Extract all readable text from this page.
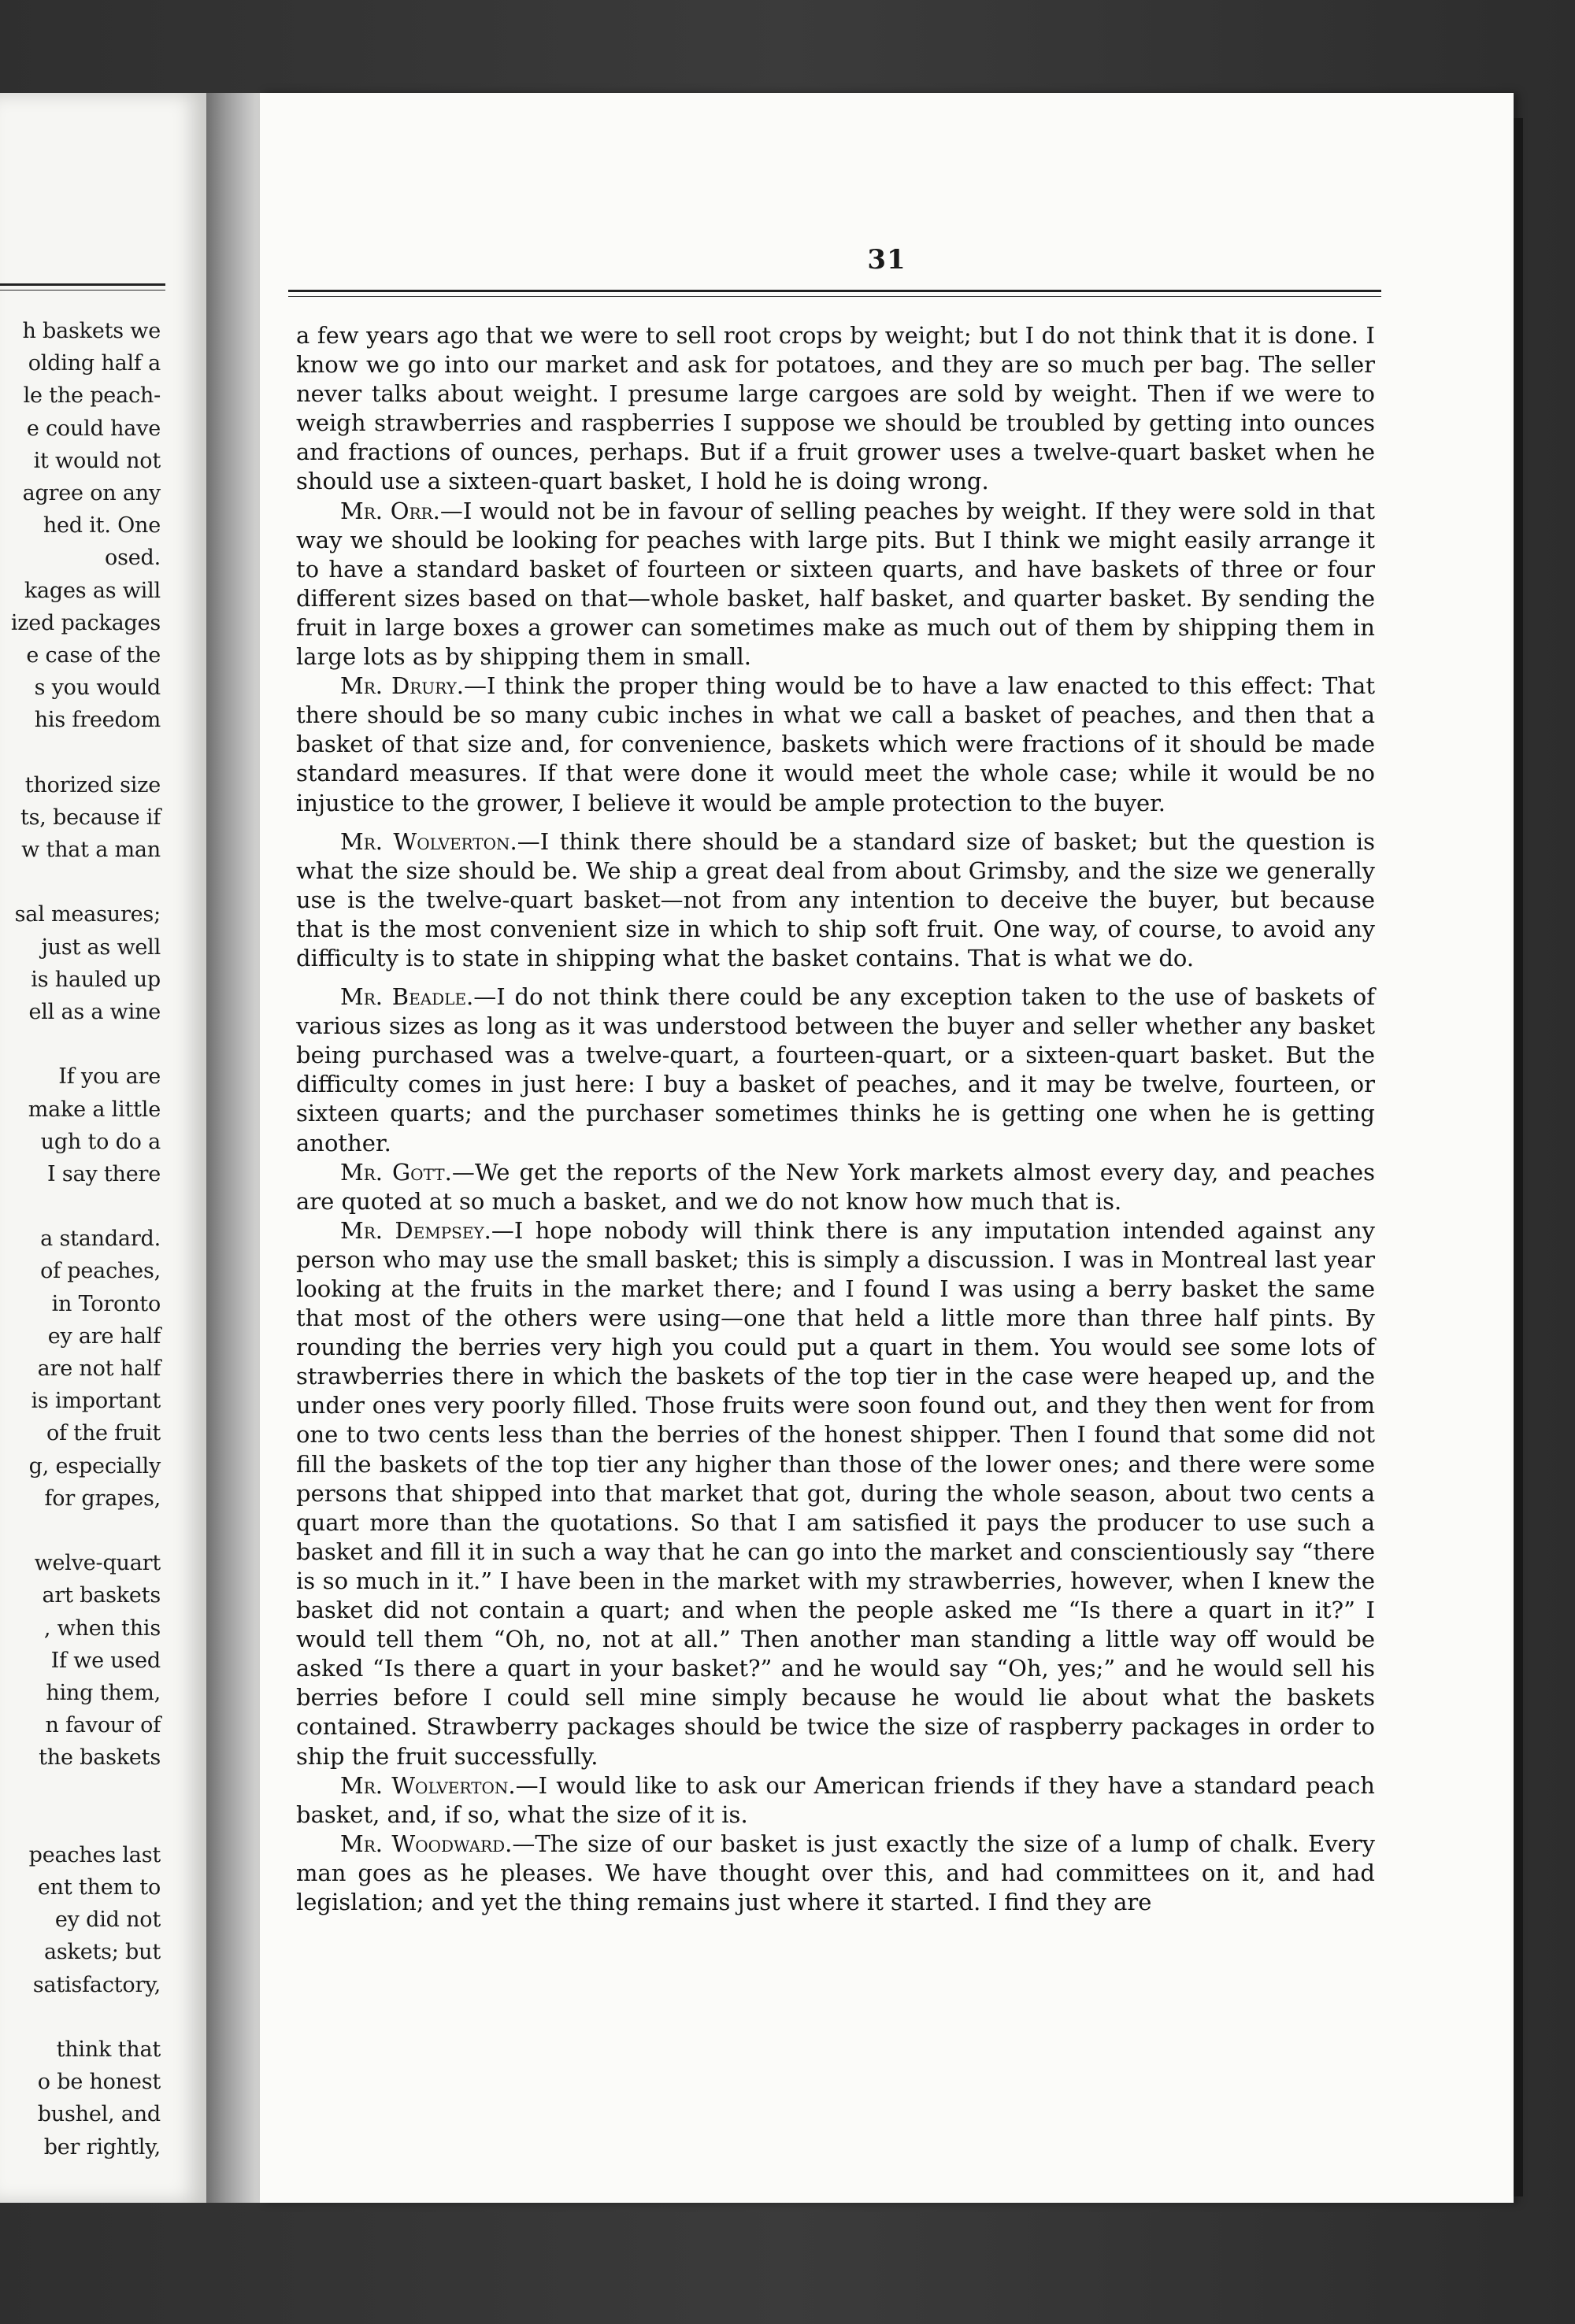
h baskets we
olding half a
le the peach-
e could have
it would not
agree on any
hed it. One
osed.
kages as will
ized packages
e case of the
s you would
his freedom
thorized size
ts, because if
w that a man
sal measures;
just as well
is hauled up
ell as a wine
If you are
make a little
ugh to do a
I say there
a standard.
of peaches,
in Toronto
ey are half
are not half
is important
of the fruit
g, especially
for grapes,
welve-quart
art baskets
, when this
If we used
hing them,
n favour of
the baskets
peaches last
ent them to
ey did not
askets; but
satisfactory,
think that
o be honest
bushel, and
ber rightly,
31

a few years ago that we were to sell root crops by weight; but I do not think that it is done. I know we go into our market and ask for potatoes, and they are so much per bag. The seller never talks about weight. I presume large cargoes are sold by weight. Then if we were to weigh strawberries and raspberries I suppose we should be troubled by getting into ounces and fractions of ounces, perhaps. But if a fruit grower uses a twelve-quart basket when he should use a sixteen-quart basket, I hold he is doing wrong.

Mr. Orr.—I would not be in favour of selling peaches by weight. If they were sold in that way we should be looking for peaches with large pits. But I think we might easily arrange it to have a standard basket of fourteen or sixteen quarts, and have baskets of three or four different sizes based on that—whole basket, half basket, and quarter basket. By sending the fruit in large boxes a grower can sometimes make as much out of them by shipping them in large lots as by shipping them in small.

Mr. Drury.—I think the proper thing would be to have a law enacted to this effect: That there should be so many cubic inches in what we call a basket of peaches, and then that a basket of that size and, for convenience, baskets which were fractions of it should be made standard measures. If that were done it would meet the whole case; while it would be no injustice to the grower, I believe it would be ample protection to the buyer.

Mr. Wolverton.—I think there should be a standard size of basket; but the question is what the size should be. We ship a great deal from about Grimsby, and the size we generally use is the twelve-quart basket—not from any intention to deceive the buyer, but because that is the most convenient size in which to ship soft fruit. One way, of course, to avoid any difficulty is to state in shipping what the basket contains. That is what we do.

Mr. Beadle.—I do not think there could be any exception taken to the use of baskets of various sizes as long as it was understood between the buyer and seller whether any basket being purchased was a twelve-quart, a fourteen-quart, or a sixteen-quart basket. But the difficulty comes in just here: I buy a basket of peaches, and it may be twelve, fourteen, or sixteen quarts; and the purchaser sometimes thinks he is getting one when he is getting another.

Mr. Gott.—We get the reports of the New York markets almost every day, and peaches are quoted at so much a basket, and we do not know how much that is.

Mr. Dempsey.—I hope nobody will think there is any imputation intended against any person who may use the small basket; this is simply a discussion. I was in Montreal last year looking at the fruits in the market there; and I found I was using a berry basket the same that most of the others were using—one that held a little more than three half pints. By rounding the berries very high you could put a quart in them. You would see some lots of strawberries there in which the baskets of the top tier in the case were heaped up, and the under ones very poorly filled. Those fruits were soon found out, and they then went for from one to two cents less than the berries of the honest shipper. Then I found that some did not fill the baskets of the top tier any higher than those of the lower ones; and there were some persons that shipped into that market that got, during the whole season, about two cents a quart more than the quotations. So that I am satisfied it pays the producer to use such a basket and fill it in such a way that he can go into the market and conscientiously say “there is so much in it.” I have been in the market with my strawberries, however, when I knew the basket did not contain a quart; and when the people asked me “Is there a quart in it?” I would tell them “Oh, no, not at all.” Then another man standing a little way off would be asked “Is there a quart in your basket?” and he would say “Oh, yes;” and he would sell his berries before I could sell mine simply because he would lie about what the baskets contained. Strawberry packages should be twice the size of raspberry packages in order to ship the fruit successfully.

Mr. Wolverton.—I would like to ask our American friends if they have a standard peach basket, and, if so, what the size of it is.

Mr. Woodward.—The size of our basket is just exactly the size of a lump of chalk. Every man goes as he pleases. We have thought over this, and had committees on it, and had legislation; and yet the thing remains just where it started. I find they are
